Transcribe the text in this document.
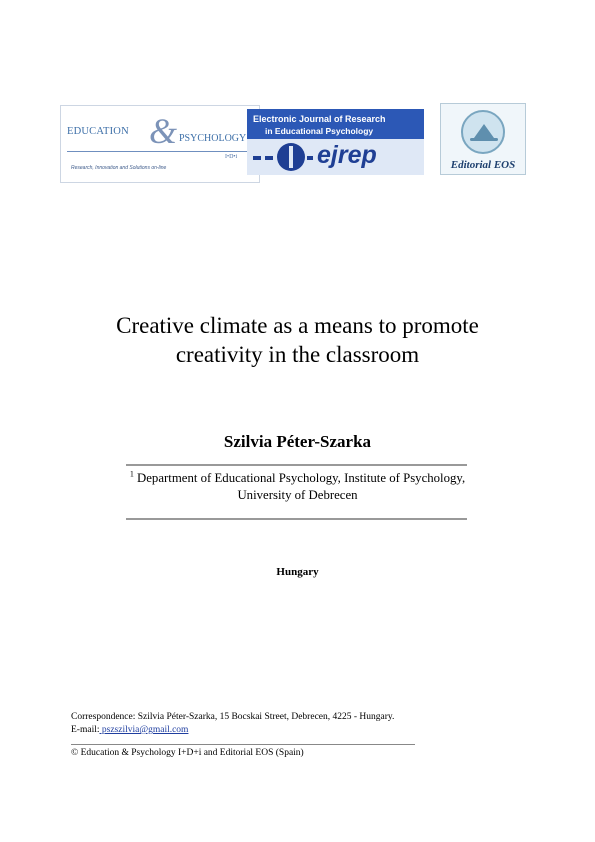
EDUCATION & PSYCHOLOGY
I•D•i
Research, Innovation and Solutions on-line
Electronic Journal of Research
in Educational Psychology
ejrep	Editorial EOS
Creative climate as a means to promote
creativity in the classroom
Szilvia Péter-Szarka
$^1$ Department of Educational Psychology, Institute of Psychology,
University of Debrecen
Hungary
Correspondence: Szilvia Péter-Szarka, 15 Bocskai Street, Debrecen, 4225 - Hungary.
E-mail: pszszilvia@gmail.com
© Education & Psychology I+D+i and Editorial EOS (Spain)
